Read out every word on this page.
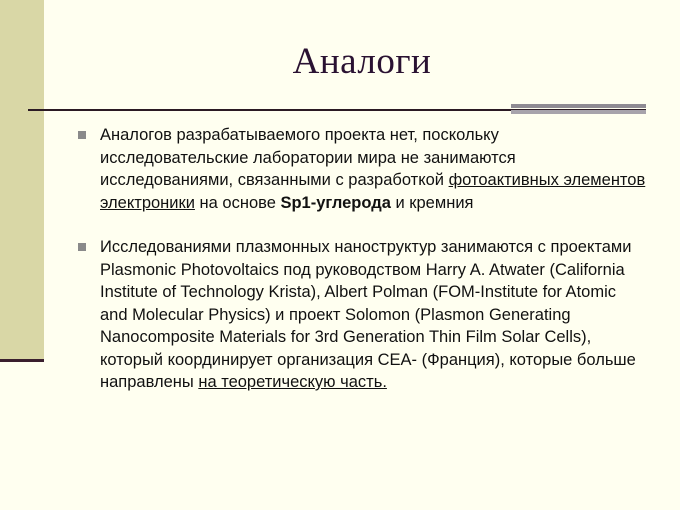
Аналоги
Аналогов разрабатываемого проекта нет, поскольку исследовательские лаборатории мира не занимаются исследованиями, связанными с разработкой фотоактивных элементов электроники на основе Sp1-углерода и кремния
Исследованиями плазмонных наноструктур занимаются с проектами Plasmonic Photovoltaics под руководством Harry A. Atwater (California Institute of Technology Krista), Albert Polman (FOM-Institute for Atomic and Molecular Physics) и проект Solomon (Plasmon Generating Nanocomposite Materials for 3rd Generation Thin Film Solar Cells), который координирует организация CEA- (Франция), которые больше направлены на теоретическую часть.
